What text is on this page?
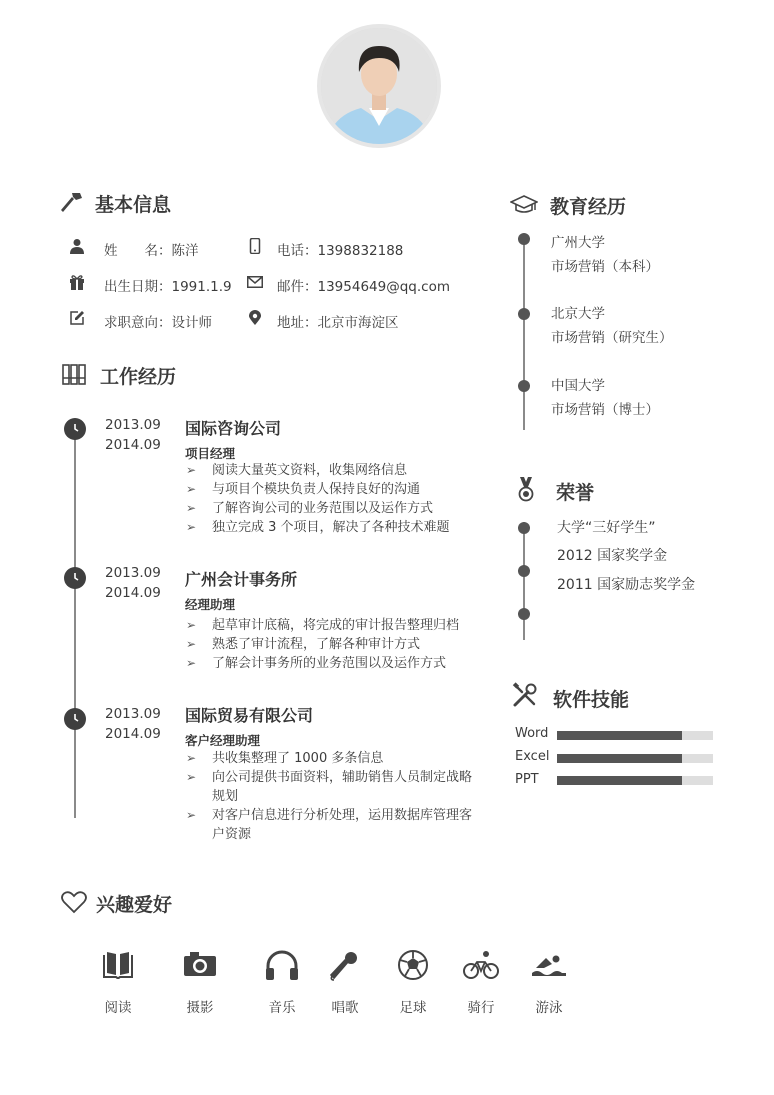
基本信息
姓　　名：陈洋	电话：1398832188
出生日期：1991.1.9	邮件：13954649@qq.com
求职意向：设计师	地址：北京市海淀区
工作经历
2013.09
2014.09
国际咨询公司
项目经理
➢ 阅读大量英文资料，收集网络信息
➢ 与项目个模块负责人保持良好的沟通
➢ 了解咨询公司的业务范围以及运作方式
➢ 独立完成 3 个项目，解决了各种技术难题
2013.09
2014.09
广州会计事务所
经理助理
➢ 起草审计底稿，将完成的审计报告整理归档
➢ 熟悉了审计流程，了解各种审计方式
➢ 了解会计事务所的业务范围以及运作方式
2013.09
2014.09
国际贸易有限公司
客户经理助理
➢ 共收集整理了 1000 多条信息
➢ 向公司提供书面资料，辅助销售人员制定战略规划
➢ 对客户信息进行分析处理，运用数据库管理客户资源
教育经历
广州大学
市场营销（本科）
北京大学
市场营销（研究生）
中国大学
市场营销（博士）
荣誉
大学“三好学生”
2012 国家奖学金
2011 国家励志奖学金
软件技能
Word
Excel
PPT
兴趣爱好
阅读	摄影	音乐	唱歌	足球	骑行	游泳
